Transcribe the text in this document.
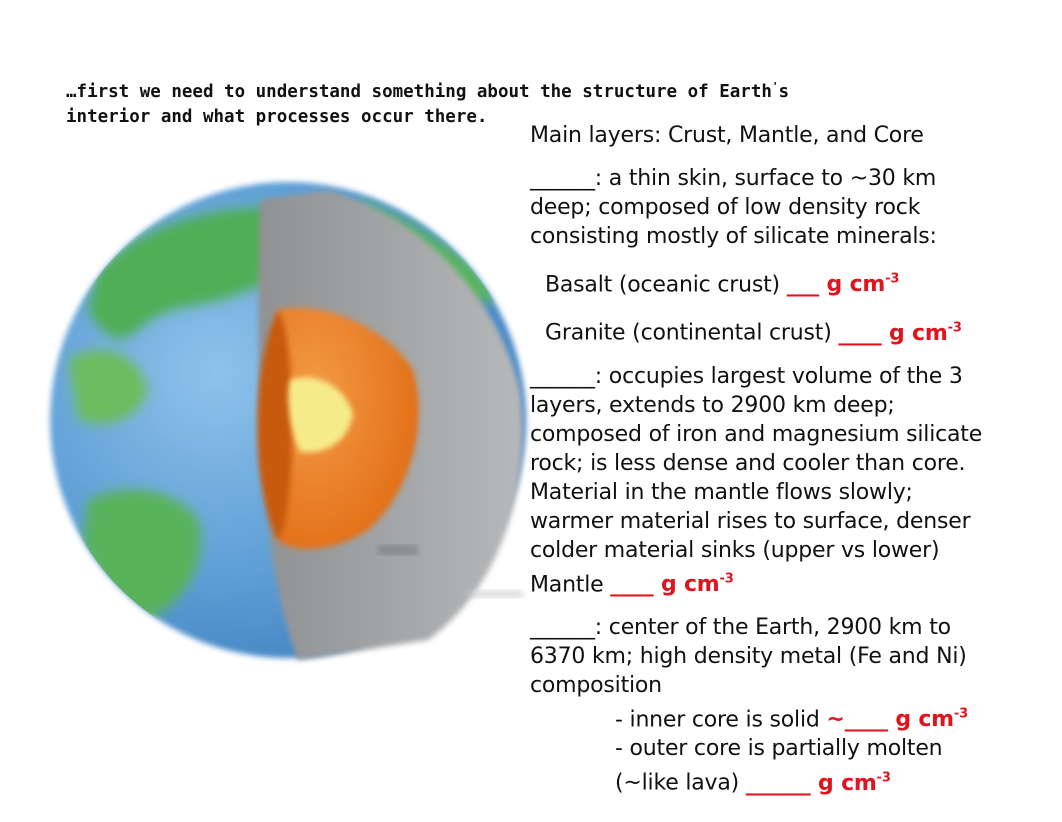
…first we need to understand something about the structure of Earth's
interior and what processes occur there.
Main layers: Crust, Mantle, and Core
______: a thin skin, surface to ~30 km
deep; composed of low density rock
consisting mostly of silicate minerals:
Basalt (oceanic crust) ___ g $cm^{-3}$
Granite (continental crust) ____ g $cm^{-3}$
______: occupies largest volume of the 3
layers, extends to 2900 km deep;
composed of iron and magnesium silicate
rock; is less dense and cooler than core.
Material in the mantle flows slowly;
warmer material rises to surface, denser
colder material sinks (upper vs lower)
Mantle ____ g $cm^{-3}$
______: center of the Earth, 2900 km to
6370 km; high density metal (Fe and Ni)
composition
- inner core is solid ~____ g $cm^{-3}$
- outer core is partially molten
(~like lava) ______ g $cm^{-3}$
